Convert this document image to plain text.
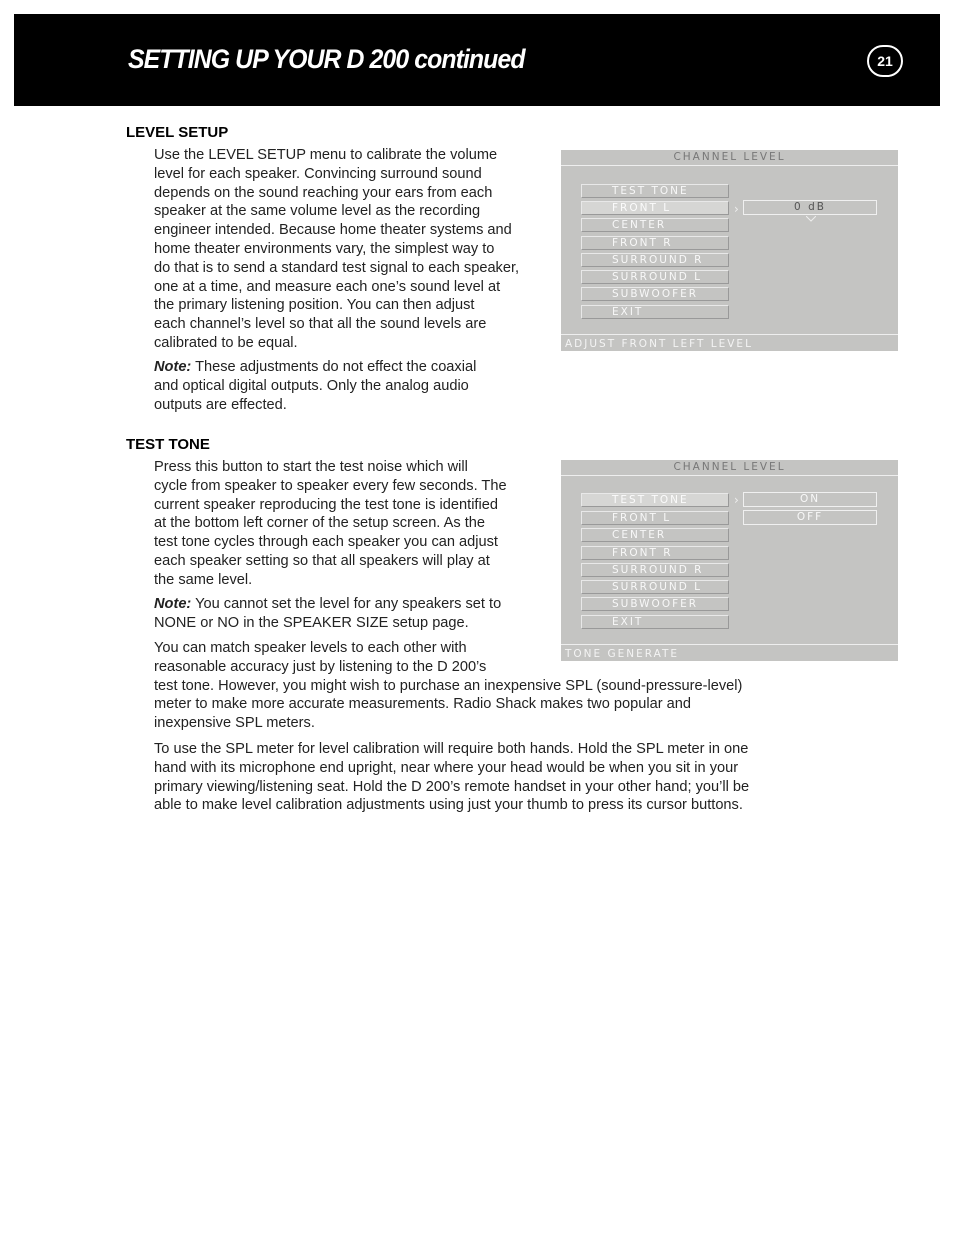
SETTING UP YOUR D 200 continued	21
LEVEL SETUP
Use the LEVEL SETUP menu to calibrate the volume
level for each speaker. Convincing surround sound
depends on the sound reaching your ears from each
speaker at the same volume level as the recording
engineer intended. Because home theater systems and
home theater environments vary, the simplest way to
do that is to send a standard test signal to each speaker,
one at a time, and measure each one’s sound level at
the primary listening position. You can then adjust
each channel’s level so that all the sound levels are
calibrated to be equal.
Note: These adjustments do not effect the coaxial
and optical digital outputs. Only the analog audio
outputs are effected.
CHANNEL LEVEL
TEST TONE
FRONT L
CENTER
FRONT R
SURROUND R
SURROUND L
SUBWOOFER
EXIT
›	0 dB
ADJUST FRONT LEFT LEVEL
TEST TONE
Press this button to start the test noise which will
cycle from speaker to speaker every few seconds. The
current speaker reproducing the test tone is identified
at the bottom left corner of the setup screen. As the
test tone cycles through each speaker you can adjust
each speaker setting so that all speakers will play at
the same level.
Note: You cannot set the level for any speakers set to
NONE or NO in the SPEAKER SIZE setup page.
You can match speaker levels to each other with
reasonable accuracy just by listening to the D 200’s
test tone. However, you might wish to purchase an inexpensive SPL (sound-pressure-level)
meter to make more accurate measurements. Radio Shack makes two popular and
inexpensive SPL meters.
To use the SPL meter for level calibration will require both hands. Hold the SPL meter in one
hand with its microphone end upright, near where your head would be when you sit in your
primary viewing/listening seat. Hold the D 200’s remote handset in your other hand; you’ll be
able to make level calibration adjustments using just your thumb to press its cursor buttons.
CHANNEL LEVEL
TEST TONE
FRONT L
CENTER
FRONT R
SURROUND R
SURROUND L
SUBWOOFER
EXIT
›	ON
OFF
TONE GENERATE
